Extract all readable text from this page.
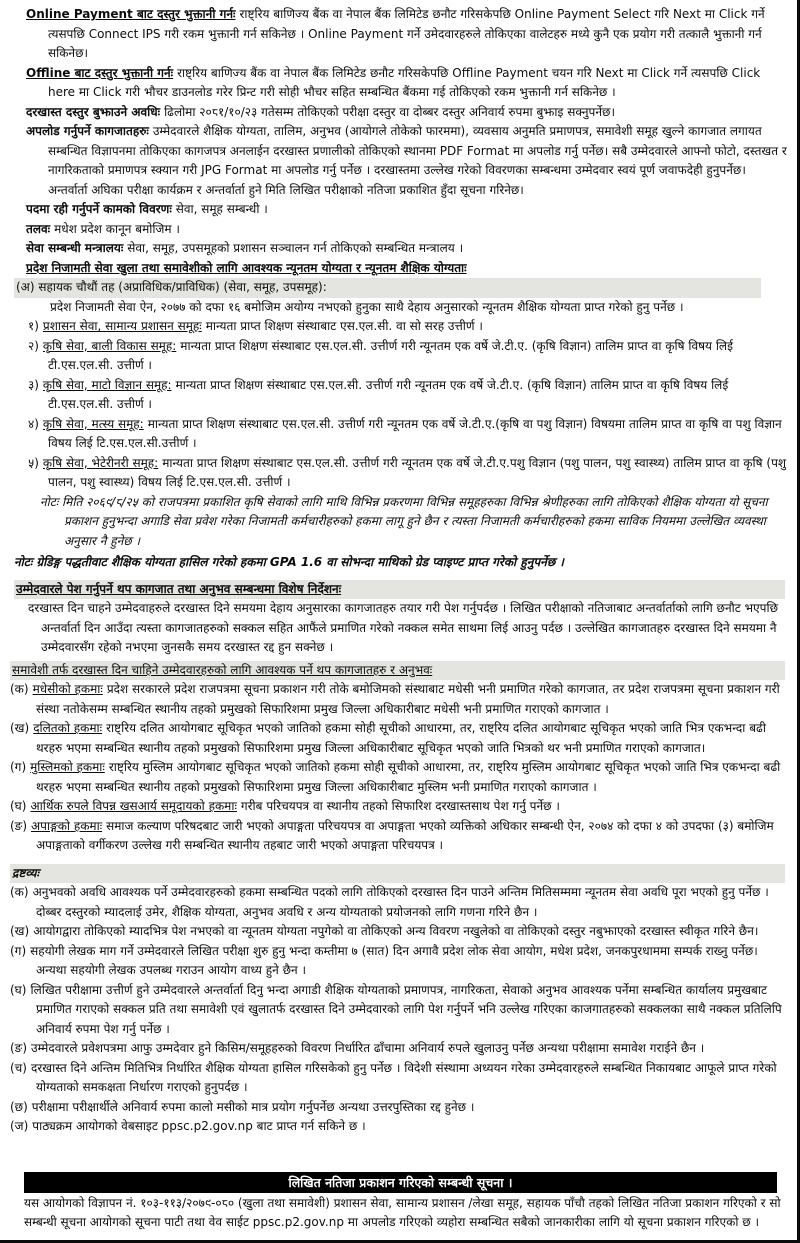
Online Payment बाट दस्तुर भुक्तानी गर्नः राष्ट्रिय बाणिज्य बैंक वा नेपाल बैंक लिमिटेड छनौट गरिसकेपछि Online Payment Select गरि Next मा Click गर्ने त्यसपछि Connect IPS गरी रकम भुक्तानी गर्न सकिनेछ । Online Payment गर्ने उमेदवारहरुले तोकिएका वालेटहरु मध्ये कुनै एक प्रयोग गरी तत्कालै भुक्तानी गर्न सकिनेछ।

Offline बाट दस्तुर भुक्तानी गर्नः राष्ट्रिय बाणिज्य बैंक वा नेपाल बैंक लिमिटेड छनौट गरिसकेपछि Offline Payment चयन गरि Next मा Click गर्ने त्यसपछि Click here मा Click गरी भौचर डाउनलोड गरेर प्रिन्ट गरी सोही भौचर सहित सम्बन्धित बैंकमा गई तोकिएको रकम भुक्तानी गर्न सकिनेछ ।

दरखास्त दस्तुर बुझाउने अवधिः ढिलोमा २०८१/१०/२३ गतेसम्म तोकिएको परीक्षा दस्तुर वा दोब्बर दस्तुर अनिवार्य रुपमा बुझाइ सक्नुपर्नेछ।

अपलोड गर्नुपर्ने कागजातहरुः उम्मेदवारले शैक्षिक योग्यता, तालिम, अनुभव (आयोगले तोकेको फारममा), व्यवसाय अनुमति प्रमाणपत्र, समावेशी समूह खुल्ने कागजात लगायत सम्बन्धित विज्ञापनमा तोकिएका कागजपत्र अनलाईन दरखास्त प्रणालीको तोकिएको स्थानमा PDF Format मा अपलोड गर्नु पर्नेछ। सबै उम्मेदवारले आफ्नो फोटो, दस्तखत र नागरिकताको प्रमाणपत्र स्क्यान गरी JPG Format मा अपलोड गर्नु पर्नेछ । दरखास्तमा उल्लेख गरेको विवरणका सम्बन्धमा उम्मेदवार स्वयं पूर्ण जवाफदेही हुनुपर्नेछ। अन्तर्वार्ता अघिका परीक्षा कार्यक्रम र अन्तर्वार्ता हुने मिति लिखित परीक्षाको नतिजा प्रकाशित हुँदा सूचना गरिनेछ।

पदमा रही गर्नुपर्ने कामको विवरणः सेवा, समूह सम्बन्धी ।

तलवः मधेश प्रदेश कानून बमोजिम ।

सेवा सम्बन्धी मन्त्रालयः सेवा, समूह, उपसमूहको प्रशासन सञ्चालन गर्न तोकिएको सम्बन्धित मन्त्रालय ।

प्रदेश निजामती सेवा खुला तथा समावेशीको लागि आवश्यक न्यूनतम योग्यता र न्यूनतम शैक्षिक योग्यताः

(अ) सहायक चौथौं तह (अप्राविधिक/प्राविधिक) (सेवा, समूह, उपसमूह):

प्रदेश निजामती सेवा ऐन, २०७७ को दफा १६ बमोजिम अयोग्य नभएको हुनुका साथै देहाय अनुसारको न्यूनतम शैक्षिक योग्यता प्राप्त गरेको हुनु पर्नेछ ।

१) प्रशासन सेवा, सामान्य प्रशासन समूहः मान्यता प्राप्त शिक्षण संस्थाबाट एस.एल.सी. वा सो सरह उत्तीर्ण ।

२) कृषि सेवा, बाली विकास समूह: मान्यता प्राप्त शिक्षण संस्थाबाट एस.एल.सी. उत्तीर्ण गरी न्यूनतम एक वर्षे जे.टी.ए. (कृषि विज्ञान) तालिम प्राप्त वा कृषि विषय लिई टी.एस.एल.सी. उत्तीर्ण ।

३) कृषि सेवा, माटो विज्ञान समूह: मान्यता प्राप्त शिक्षण संस्थाबाट एस.एल.सी. उत्तीर्ण गरी न्यूनतम एक वर्षे जे.टी.ए. (कृषि विज्ञान) तालिम प्राप्त वा कृषि विषय लिई टी.एस.एल.सी. उत्तीर्ण ।

४) कृषि सेवा, मत्स्य समूह: मान्यता प्राप्त शिक्षण संस्थाबाट एस.एल.सी. उत्तीर्ण गरी न्यूनतम एक वर्षे जे.टी.ए.(कृषि वा पशु विज्ञान) विषयमा तालिम प्राप्त वा कृषि वा पशु विज्ञान विषय लिई टि.एस.एल.सी.उत्तीर्ण ।

५) कृषि सेवा, भेटेरीनरी समूह: मान्यता प्राप्त शिक्षण संस्थाबाट एस.एल.सी. उत्तीर्ण गरी न्यूनतम एक वर्षे जे.टी.ए.पशु विज्ञान (पशु पालन, पशु स्वास्थ्य) तालिम प्राप्त वा कृषि (पशु पालन, पशु स्वास्थ्य) विषय लिई टि.एस.एल.सी. उत्तीर्ण ।

नोटः मिति २०६९/८/२५ को राजपत्रमा प्रकाशित कृषि सेवाको लागि माथि विभिन्न प्रकरणमा विभिन्न समूहहरुका विभिन्न श्रेणीहरुका लागि तोकिएको शैक्षिक योग्यता यो सूचना प्रकाशन हुनुभन्दा अगाडि सेवा प्रवेश गरेका निजामती कर्मचारीहरुको हकमा लागू हुने छैन र त्यस्ता निजामती कर्मचारीहरुको हकमा साविक नियममा उल्लेखित व्यवस्था अनुसार नै हुनेछ ।

नोटः ग्रेडिङ्ग पद्धतीवाट शैक्षिक योग्यता हासिल गरेको हकमा GPA 1.6 वा सोभन्दा माथिको ग्रेड प्वाइण्ट प्राप्त गरेको हुनुपर्नेछ ।

उम्मेदवारले पेश गर्नुपर्ने थप कागजात तथा अनुभव सम्बन्धमा विशेष निर्देशनः

दरखास्त दिन चाहने उम्मेदवाहरुले दरखास्त दिने समयमा देहाय अनुसारका कागजातहरु तयार गरी पेश गर्नुपर्दछ । लिखित परीक्षाको नतिजाबाट अन्तर्वार्ताको लागि छनौट भएपछि अन्तर्वार्ता दिन आउँदा त्यस्ता कागजातहरुको सक्कल सहित आफैंले प्रमाणित गरेको नक्कल समेत साथमा लिई आउनु पर्दछ । उल्लेखित कागजातहरु दरखास्त दिने समयमा नै उम्मेदवारसँग रहेको नभएमा जुनसकै समय दरखास्त रद्द हुन सक्नेछ ।

समावेशी तर्फ दरखास्त दिन चाहिने उम्मेदवारहरुको लागि आवश्यक पर्ने थप कागजातहरु र अनुभवः

(क) मधेसीको हकमाः प्रदेश सरकारले प्रदेश राजपत्रमा सूचना प्रकाशन गरी तोके बमोजिमको संस्थाबाट मधेसी भनी प्रमाणित गरेको कागजात, तर प्रदेश राजपत्रमा सूचना प्रकाशन गरी संस्था नतोकेसम्म सम्बन्धित स्थानीय तहको प्रमुखको सिफारिशमा प्रमुख जिल्ला अधिकारीबाट मधेसी भनी प्रमाणित गराएको कागजात ।

(ख) दलितको हकमाः राष्ट्रिय दलित आयोगबाट सूचिकृत भएको जातिको हकमा सोही सूचीको आधारमा, तर, राष्ट्रिय दलित आयोगबाट सूचिकृत भएको जाति भित्र एकभन्दा बढी थरहरु भएमा सम्बन्धित स्थानीय तहको प्रमुखको सिफारिशमा प्रमुख जिल्ला अधिकारीबाट सूचिकृत भएको जाति भित्रको थर भनी प्रमाणित गराएको कागजात।

(ग) मुस्लिमको हकमाः राष्ट्रिय मुस्लिम आयोगबाट सूचिकृत भएको जातिको हकमा सोही सूचीको आधारमा, तर, राष्ट्रिय मुस्लिम आयोगबाट सूचिकृत भएको जाति भित्र एकभन्दा बढी थरहरु भएमा सम्बन्धित स्थानीय तहको प्रमुखको सिफारिशमा प्रमुख जिल्ला अधिकारीबाट मुस्लिम भनी प्रमाणित गराएको कागजात ।

(घ) आर्थिक रुपले विपन्न खसआर्य समूदायको हकमाः गरीब परिचयपत्र वा स्थानीय तहको सिफारिश दरखास्तसाथ पेश गर्नु पर्नेछ ।

(ङ) अपाङ्गको हकमाः समाज कल्याण परिषदबाट जारी भएको अपाङ्गता परिचयपत्र वा अपाङ्गता भएको व्यक्तिको अधिकार सम्बन्धी ऐन, २०७४ को दफा ४ को उपदफा (३) बमोजिम अपाङ्गताको वर्गीकरण उल्लेख गरी सम्बन्धित स्थानीय तहबाट जारी भएको अपाङ्गता परिचयपत्र ।

द्रष्टव्यः

(क) अनुभवको अवधि आवश्यक पर्ने उम्मेदवारहरुको हकमा सम्बन्धित पदको लागि तोकिएको दरखास्त दिन पाउने अन्तिम मितिसम्ममा न्यूनतम सेवा अवधि पूरा भएको हुनु पर्नेछ । दोब्बर दस्तुरको म्यादलाई उमेर, शैक्षिक योग्यता, अनुभव अवधि र अन्य योग्यताको प्रयोजनको लागि गणना गरिने छैन ।

(ख) आयोगद्वारा तोकिएको म्यादभित्र पेश नभएको वा न्यूनतम योग्यता नपुगेको वा तोकिएको अन्य विवरण नखुलेको वा तोकिएको दस्तुर नबुझाएको दरखास्त स्वीकृत गरिने छैन।

(ग) सहयोगी लेखक माग गर्ने उम्मेदवारले लिखित परीक्षा शुरु हुनु भन्दा कम्तीमा ७ (सात) दिन अगावै प्रदेश लोक सेवा आयोग, मधेश प्रदेश, जनकपुरधाममा सम्पर्क राख्नु पर्नेछ। अन्यथा सहयोगी लेखक उपलब्ध गराउन आयोग वाध्य हुने छैन ।

(घ) लिखित परीक्षामा उत्तीर्ण हुने उम्मेदवारले अन्तर्वार्ता दिनु भन्दा अगाडी शैक्षिक योग्यताको प्रमाणपत्र, नागरिकता, सेवाको अनुभव आवश्यक पर्नेमा सम्बन्धित कार्यालय प्रमुखबाट प्रमाणित गराएको सक्कल प्रति तथा समावेशी एवं खुलातर्फ दरखास्त दिने उम्मेदवारको लागि पेश गर्नुपर्ने भनि उल्लेख गरिएका काजगातहरुको सक्कलका साथै नक्कल प्रतिलिपि अनिवार्य रुपमा पेश गर्नु पर्नेछ ।

(ङ) उम्मेदवारले प्रवेशपत्रमा आफु उम्मदेवार हुने किसिम/समूहहरुको विवरण निर्धारित ढाँचामा अनिवार्य रुपले खुलाउनु पर्नेछ अन्यथा परीक्षामा समावेश गराईने छैन ।

(च) दरखास्त दिने अन्तिम मितिभित्र निर्धारित शैक्षिक योग्यता हासिल गरिसकेको हुनु पर्नेछ । विदेशी संस्थामा अध्ययन गरेका उम्मेदवारहरुले सम्बन्धित निकायबाट आफूले प्राप्त गरेको योग्यताको समकक्षता निर्धारण गराएको हुनुपर्दछ ।

(छ) परीक्षामा परीक्षार्थीले अनिवार्य रुपमा कालो मसीको मात्र प्रयोग गर्नुपर्नेछ अन्यथा उत्तरपुस्तिका रद्द हुनेछ ।

(ज) पाठ्यक्रम आयोगको वेबसाइट ppsc.p2.gov.np बाट प्राप्त गर्न सकिने छ ।

लिखित नतिजा प्रकाशन गरिएको सम्बन्धी सूचना ।

यस आयोगको विज्ञापन नं. १०३-११३/२०७९-०८० (खुला तथा समावेशी) प्रशासन सेवा, सामान्य प्रशासन /लेखा समूह, सहायक पाँचौ तहको लिखित नतिजा प्रकाशन गरिएको र सो सम्बन्धी सूचना आयोगको सूचना पाटी तथा वेव साईट ppsc.p2.gov.np मा अपलोड गरिएको व्यहोरा सम्बन्धित सबैको जानकारीका लागि यो सूचना प्रकाशन गरिएको छ ।
